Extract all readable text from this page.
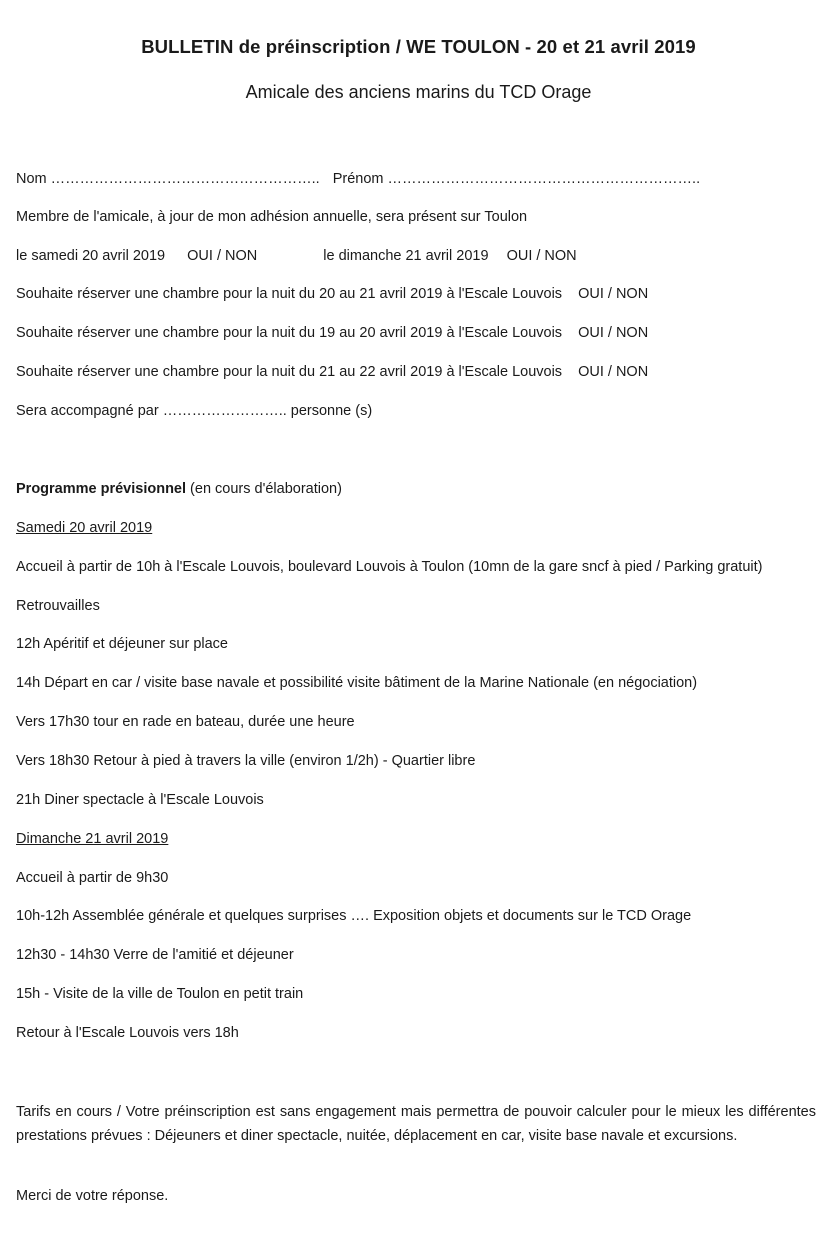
BULLETIN de préinscription / WE TOULON - 20 et 21 avril 2019
Amicale des anciens marins du TCD Orage
Nom ……………………………………………….. Prénom ………………………………………………………..
Membre de l'amicale, à jour de mon adhésion annuelle, sera présent sur Toulon
le samedi 20 avril 2019 OUI / NON	le dimanche 21 avril 2019 OUI / NON
Souhaite réserver une chambre pour la nuit du 20 au 21 avril 2019 à l'Escale Louvois OUI / NON
Souhaite réserver une chambre pour la nuit du 19 au 20 avril 2019 à l'Escale Louvois OUI / NON
Souhaite réserver une chambre pour la nuit du 21 au 22 avril 2019 à l'Escale Louvois OUI / NON
Sera accompagné par …………………….. personne (s)
Programme prévisionnel (en cours d'élaboration)
Samedi 20 avril 2019
Accueil à partir de 10h à l'Escale Louvois, boulevard Louvois à Toulon (10mn de la gare sncf à pied / Parking gratuit)
Retrouvailles
12h Apéritif et déjeuner sur place
14h Départ en car / visite base navale et possibilité visite bâtiment de la Marine Nationale (en négociation)
Vers 17h30 tour en rade en bateau, durée une heure
Vers 18h30 Retour à pied à travers la ville (environ 1/2h) - Quartier libre
21h Diner spectacle à l'Escale Louvois
Dimanche 21 avril 2019
Accueil à partir de 9h30
10h-12h Assemblée générale et quelques surprises …. Exposition objets et documents sur le TCD Orage
12h30 - 14h30 Verre de l'amitié et déjeuner
15h - Visite de la ville de Toulon en petit train
Retour à l'Escale Louvois vers 18h
Tarifs en cours / Votre préinscription est sans engagement mais permettra de pouvoir calculer pour le mieux les différentes prestations prévues : Déjeuners et diner spectacle, nuitée, déplacement en car, visite base navale et excursions.
Merci de votre réponse.
